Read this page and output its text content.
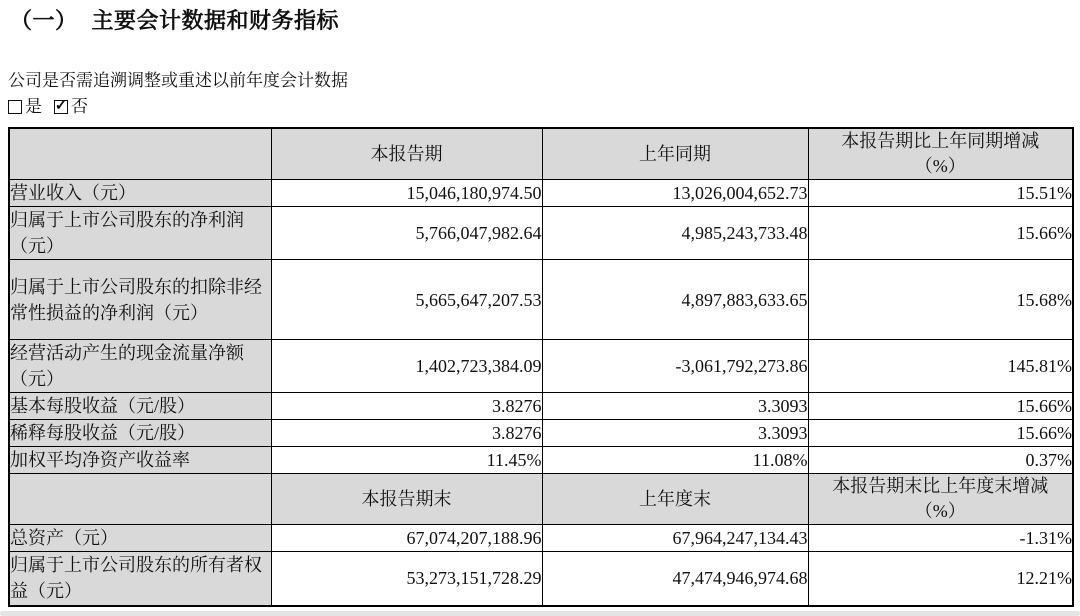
（一） 主要会计数据和财务指标
公司是否需追溯调整或重述以前年度会计数据
是 ✓ 否
	本报告期	上年同期	本报告期比上年同期增减
（%）

营业收入（元）	15,046,180,974.50	13,026,004,652.73	15.51%
归属于上市公司股东的净利润（元）	5,766,047,982.64	4,985,243,733.48	15.66%
归属于上市公司股东的扣除非经常性损益的净利润（元）	5,665,647,207.53	4,897,883,633.65	15.68%
经营活动产生的现金流量净额（元）	1,402,723,384.09	-3,061,792,273.86	145.81%
基本每股收益（元/股）	3.8276	3.3093	15.66%
稀释每股收益（元/股）	3.8276	3.3093	15.66%
加权平均净资产收益率	11.45%	11.08%	0.37%
	本报告期末	上年度末	本报告期末比上年度末增减
（%）

总资产（元）	67,074,207,188.96	67,964,247,134.43	-1.31%
归属于上市公司股东的所有者权益（元）	53,273,151,728.29	47,474,946,974.68	12.21%
